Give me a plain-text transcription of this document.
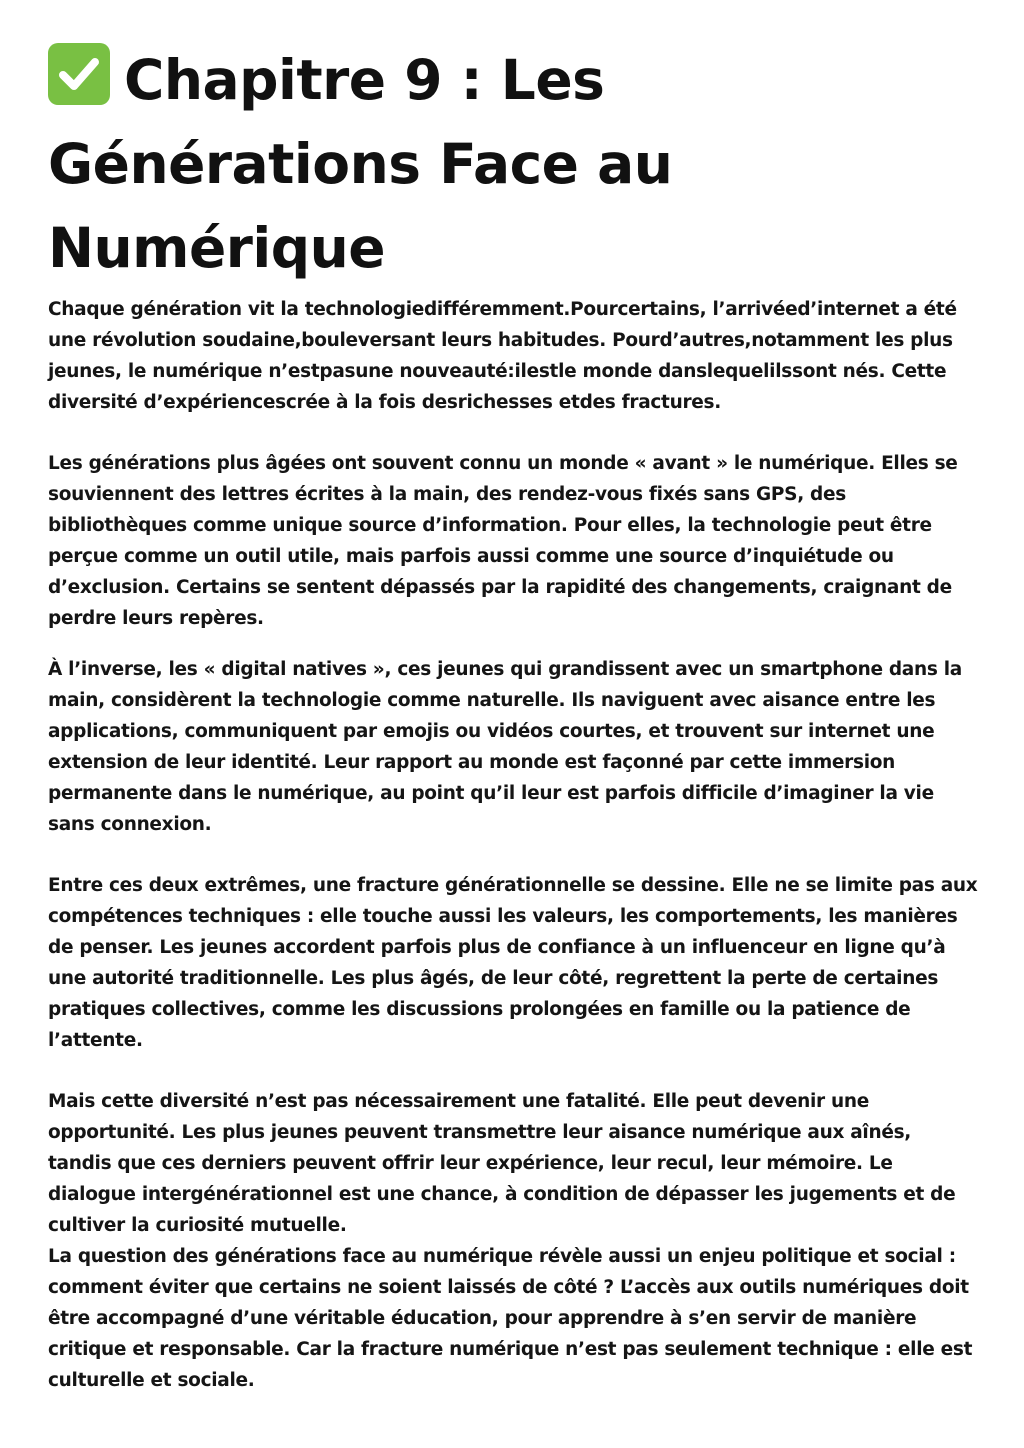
Chapitre 9 : Les Générations Face au Numérique

Chaque génération vit la technologiedifféremment.Pourcertains, l’arrivéed’internet a été une révolution soudaine,bouleversant leurs habitudes. Pourd’autres,notamment les plus jeunes, le numérique n’estpasune nouveauté:ilestle monde danslequelilssont nés. Cette diversité d’expériencescrée à la fois desrichesses etdes fractures.

Les générations plus âgées ont souvent connu un monde « avant » le numérique. Elles se souviennent des lettres écrites à la main, des rendez-vous fixés sans GPS, des bibliothèques comme unique source d’information. Pour elles, la technologie peut être perçue comme un outil utile, mais parfois aussi comme une source d’inquiétude ou d’exclusion. Certains se sentent dépassés par la rapidité des changements, craignant de perdre leurs repères.

À l’inverse, les « digital natives », ces jeunes qui grandissent avec un smartphone dans la main, considèrent la technologie comme naturelle. Ils naviguent avec aisance entre les applications, communiquent par emojis ou vidéos courtes, et trouvent sur internet une extension de leur identité. Leur rapport au monde est façonné par cette immersion permanente dans le numérique, au point qu’il leur est parfois difficile d’imaginer la vie sans connexion.

Entre ces deux extrêmes, une fracture générationnelle se dessine. Elle ne se limite pas aux compétences techniques : elle touche aussi les valeurs, les comportements, les manières de penser. Les jeunes accordent parfois plus de confiance à un influenceur en ligne qu’à une autorité traditionnelle. Les plus âgés, de leur côté, regrettent la perte de certaines pratiques collectives, comme les discussions prolongées en famille ou la patience de l’attente.

Mais cette diversité n’est pas nécessairement une fatalité. Elle peut devenir une opportunité. Les plus jeunes peuvent transmettre leur aisance numérique aux aînés, tandis que ces derniers peuvent offrir leur expérience, leur recul, leur mémoire. Le dialogue intergénérationnel est une chance, à condition de dépasser les jugements et de cultiver la curiosité mutuelle.

La question des générations face au numérique révèle aussi un enjeu politique et social : comment éviter que certains ne soient laissés de côté ? L’accès aux outils numériques doit être accompagné d’une véritable éducation, pour apprendre à s’en servir de manière critique et responsable. Car la fracture numérique n’est pas seulement technique : elle est culturelle et sociale.
